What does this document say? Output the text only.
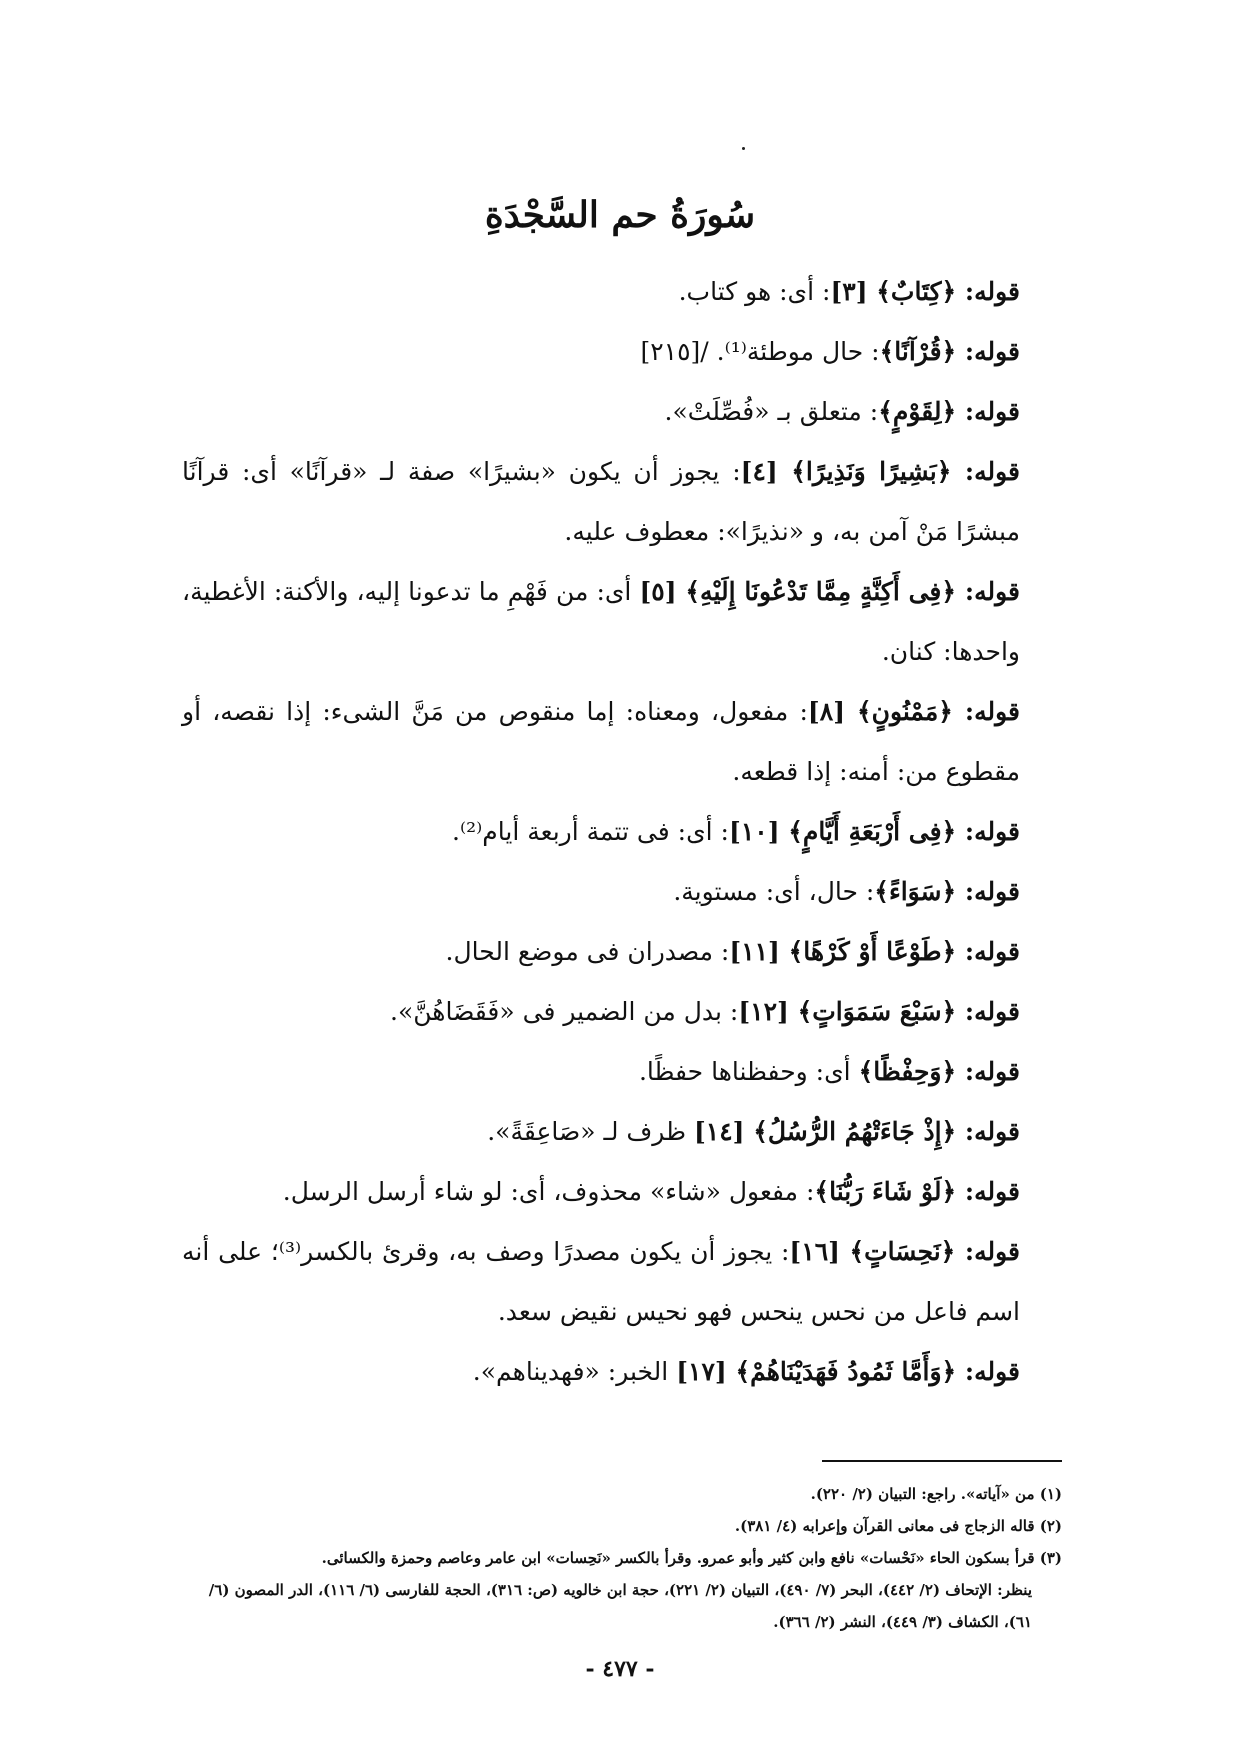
سُورَةُ حم السَّجْدَةِ

قوله: ﴿كِتَابٌ﴾ [٣]: أى: هو كتاب.

قوله: ﴿قُرْآنًا﴾: حال موطئة⁽¹⁾. /[٢١٥]

قوله: ﴿لِقَوْمٍ﴾: متعلق بـ «فُصِّلَتْ».

قوله: ﴿بَشِيرًا وَنَذِيرًا﴾ [٤]: يجوز أن يكون «بشيرًا» صفة لـ «قرآنًا» أى: قرآنًا مبشرًا مَنْ آمن به، و «نذيرًا»: معطوف عليه.

قوله: ﴿فِى أَكِنَّةٍ مِمَّا تَدْعُونَا إِلَيْهِ﴾ [٥] أى: من فَهْمِ ما تدعونا إليه، والأكنة: الأغطية، واحدها: كنان.

قوله: ﴿مَمْنُونٍ﴾ [٨]: مفعول، ومعناه: إما منقوص من مَنَّ الشىء: إذا نقصه، أو مقطوع من: أمنه: إذا قطعه.

قوله: ﴿فِى أَرْبَعَةِ أَيَّامٍ﴾ [١٠]: أى: فى تتمة أربعة أيام⁽²⁾.

قوله: ﴿سَوَاءً﴾: حال، أى: مستوية.

قوله: ﴿طَوْعًا أَوْ كَرْهًا﴾ [١١]: مصدران فى موضع الحال.

قوله: ﴿سَبْعَ سَمَوَاتٍ﴾ [١٢]: بدل من الضمير فى «فَقَضَاهُنَّ».

قوله: ﴿وَحِفْظًا﴾ أى: وحفظناها حفظًا.

قوله: ﴿إِذْ جَاءَتْهُمُ الرُّسُلُ﴾ [١٤] ظرف لـ «صَاعِقَةً».

قوله: ﴿لَوْ شَاءَ رَبُّنَا﴾: مفعول «شاء» محذوف، أى: لو شاء أرسل الرسل.

قوله: ﴿نَحِسَاتٍ﴾ [١٦]: يجوز أن يكون مصدرًا وصف به، وقرئ بالكسر⁽³⁾؛ على أنه اسم فاعل من نحس ينحس فهو نحيس نقيض سعد.

قوله: ﴿وَأَمَّا ثَمُودُ فَهَدَيْنَاهُمْ﴾ [١٧] الخبر: «فهديناهم».

(١) من «آياته». راجع: التبيان (٢/ ٢٢٠).

(٢) قاله الزجاج فى معانى القرآن وإعرابه (٤/ ٣٨١).

(٣) قرأ بسكون الحاء «نَحْسات» نافع وابن كثير وأبو عمرو. وقرأ بالكسر «نَحِسات» ابن عامر وعاصم وحمزة والكسائى.

ينظر: الإتحاف (٢/ ٤٤٢)، البحر (٧/ ٤٩٠)، التبيان (٢/ ٢٢١)، حجة ابن خالويه (ص: ٣١٦)، الحجة للفارسى (٦/ ١١٦)، الدر المصون (٦/ ٦١)، الكشاف (٣/ ٤٤٩)، النشر (٢/ ٣٦٦).

- ٤٧٧ -
